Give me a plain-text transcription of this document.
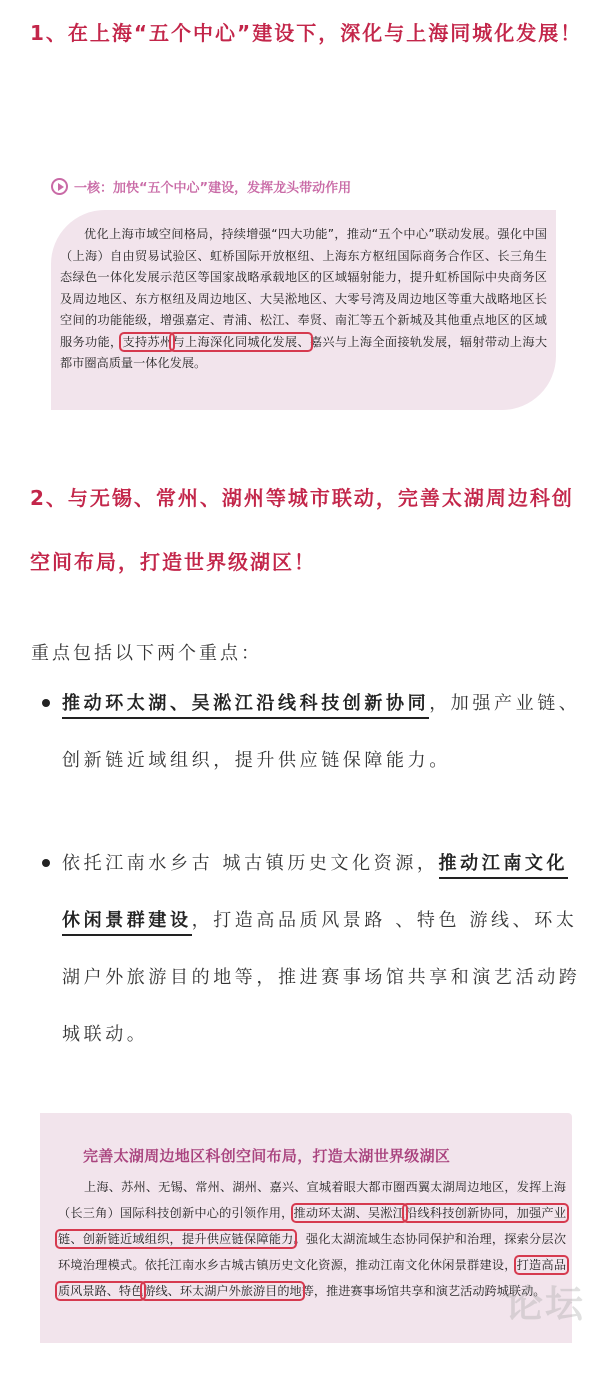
1、在上海“五个中心”建设下，深化与上海同城化发展！
一核：加快“五个中心”建设，发挥龙头带动作用
优化上海市域空间格局，持续增强“四大功能”，推动“五个中心”联动发展。强化中国（上海）自由贸易试验区、虹桥国际开放枢纽、上海东方枢纽国际商务合作区、长三角生态绿色一体化发展示范区等国家战略承载地区的区域辐射能力，提升虹桥国际中央商务区及周边地区、东方枢纽及周边地区、大吴淞地区、大零号湾及周边地区等重大战略地区长空间的功能能级，增强嘉定、青浦、松江、奉贤、南汇等五个新城及其他重点地区的区域服务功能，支持苏州与上海深化同城化发展、嘉兴与上海全面接轨发展，辐射带动上海大都市圈高质量一体化发展。
2、与无锡、常州、湖州等城市联动，完善太湖周边科创空间布局，打造世界级湖区！
重点包括以下两个重点：
推动环太湖、吴淞江沿线科技创新协同，加强产业链、创新链近域组织，提升供应链保障能力。
依托江南水乡古 城古镇历史文化资源，推动江南文化休闲景群建设，打造高品质风景路 、特色 游线、环太湖户外旅游目的地等，推进赛事场馆共享和演艺活动跨城联动。
完善太湖周边地区科创空间布局，打造太湖世界级湖区
上海、苏州、无锡、常州、湖州、嘉兴、宣城着眼大都市圈西翼太湖周边地区，发挥上海（长三角）国际科技创新中心的引领作用，推动环太湖、吴淞江沿线科技创新协同，加强产业链、创新链近域组织，提升供应链保障能力。强化太湖流域生态协同保护和治理，探索分层次环境治理模式。依托江南水乡古城古镇历史文化资源，推动江南文化休闲景群建设，打造高品质风景路、特色游线、环太湖户外旅游目的地等，推进赛事场馆共享和演艺活动跨城联动。
论坛
